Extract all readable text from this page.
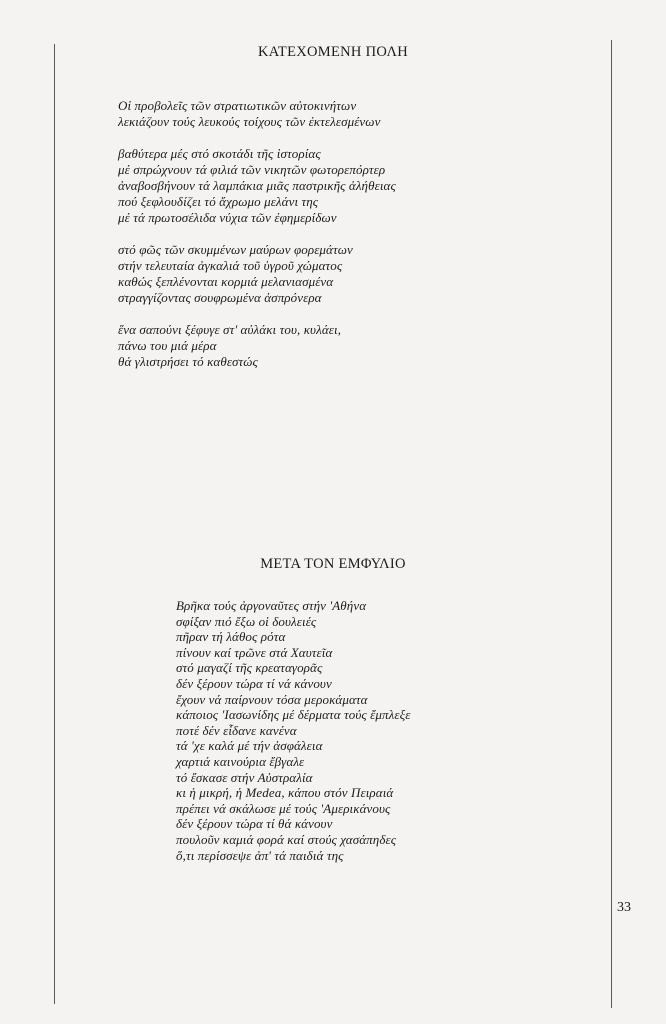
ΚΑΤΕΧΟΜΕΝΗ ΠΟΛΗ
Οἱ προβολεῖς τῶν στρατιωτικῶν αὐτοκινήτων
λεκιάζουν τούς λευκούς τοίχους τῶν ἐκτελεσμένων
βαθύτερα μές στό σκοτάδι τῆς ἱστορίας
μέ σπρώχνουν τά φιλιά τῶν νικητῶν φωτορεπόρτερ
ἀναβοσβήνουν τά λαμπάκια μιᾶς παστρικῆς ἀλήθειας
πού ξεφλουδίζει τό ἄχρωμο μελάνι της
μέ τά πρωτοσέλιδα νύχια τῶν ἐφημερίδων
στό φῶς τῶν σκυμμένων μαύρων φορεμάτων
στήν τελευταία ἀγκαλιά τοῦ ὑγροῦ χώματος
καθώς ξεπλένονται κορμιά μελανιασμένα
στραγγίζοντας σουφρωμένα ἀσπρόνερα
ἕνα σαπούνι ξέφυγε στ' αὐλάκι του, κυλάει,
πάνω του μιά μέρα
θά γλιστρήσει τό καθεστώς
ΜΕΤΑ ΤΟΝ ΕΜΦΥΛΙΟ
Βρῆκα τούς ἀργοναῦτες στήν 'Αθήνα
σφίξαν πιό ἔξω οἱ δουλειές
πῆραν τή λάθος ρότα
πίνουν καί τρῶνε στά Χαυτεῖα
στό μαγαζί τῆς κρεαταγορᾶς
δέν ξέρουν τώρα τί νά κάνουν
ἔχουν νά παίρνουν τόσα μεροκάματα
κάποιος 'Ιασωνίδης μέ δέρματα τούς ἔμπλεξε
ποτέ δέν εἶδανε κανένα
τά 'χε καλά μέ τήν ἀσφάλεια
χαρτιά καινούρια ἔβγαλε
τό ἔσκασε στήν Αὐστραλία
κι ἡ μικρή, ἡ Medea, κάπου στόν Πειραιά
πρέπει νά σκάλωσε μέ τούς 'Αμερικάνους
δέν ξέρουν τώρα τί θά κάνουν
πουλοῦν καμιά φορά καί στούς χασάπηδες
ὅ,τι περίσσεψε ἀπ' τά παιδιά της
33
